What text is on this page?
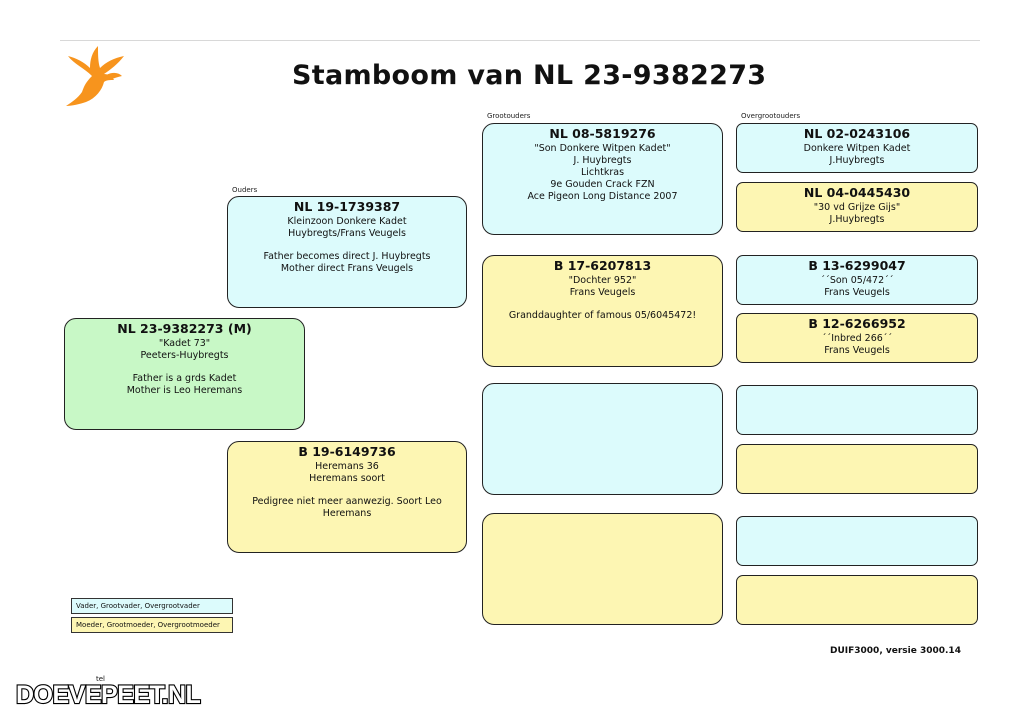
Stamboom van NL 23-9382273
Ouders
Grootouders	Overgrootouders
NL 23-9382273 (M)
"Kadet 73"
Peeters-Huybregts
Father is a grds Kadet
Mother is Leo Heremans
NL 19-1739387
Kleinzoon Donkere Kadet
Huybregts/Frans Veugels
Father becomes direct J. Huybregts
Mother direct Frans Veugels
B 19-6149736
Heremans 36
Heremans soort
Pedigree niet meer aanwezig. Soort Leo
Heremans
NL 08-5819276
"Son Donkere Witpen Kadet"
J. Huybregts
Lichtkras
9e Gouden Crack FZN
Ace Pigeon Long Distance 2007
B 17-6207813
"Dochter 952"
Frans Veugels
Granddaughter of famous 05/6045472!
NL 02-0243106
Donkere Witpen Kadet
J.Huybregts
NL 04-0445430
"30 vd Grijze Gijs"
J.Huybregts
B 13-6299047
´´Son 05/472´´
Frans Veugels
B 12-6266952
´´Inbred 266´´
Frans Veugels
Vader, Grootvader, Overgrootvader
Moeder, Grootmoeder, Overgrootmoeder
DUIF3000, versie 3000.14
tel
DOEVEPEET.NL
